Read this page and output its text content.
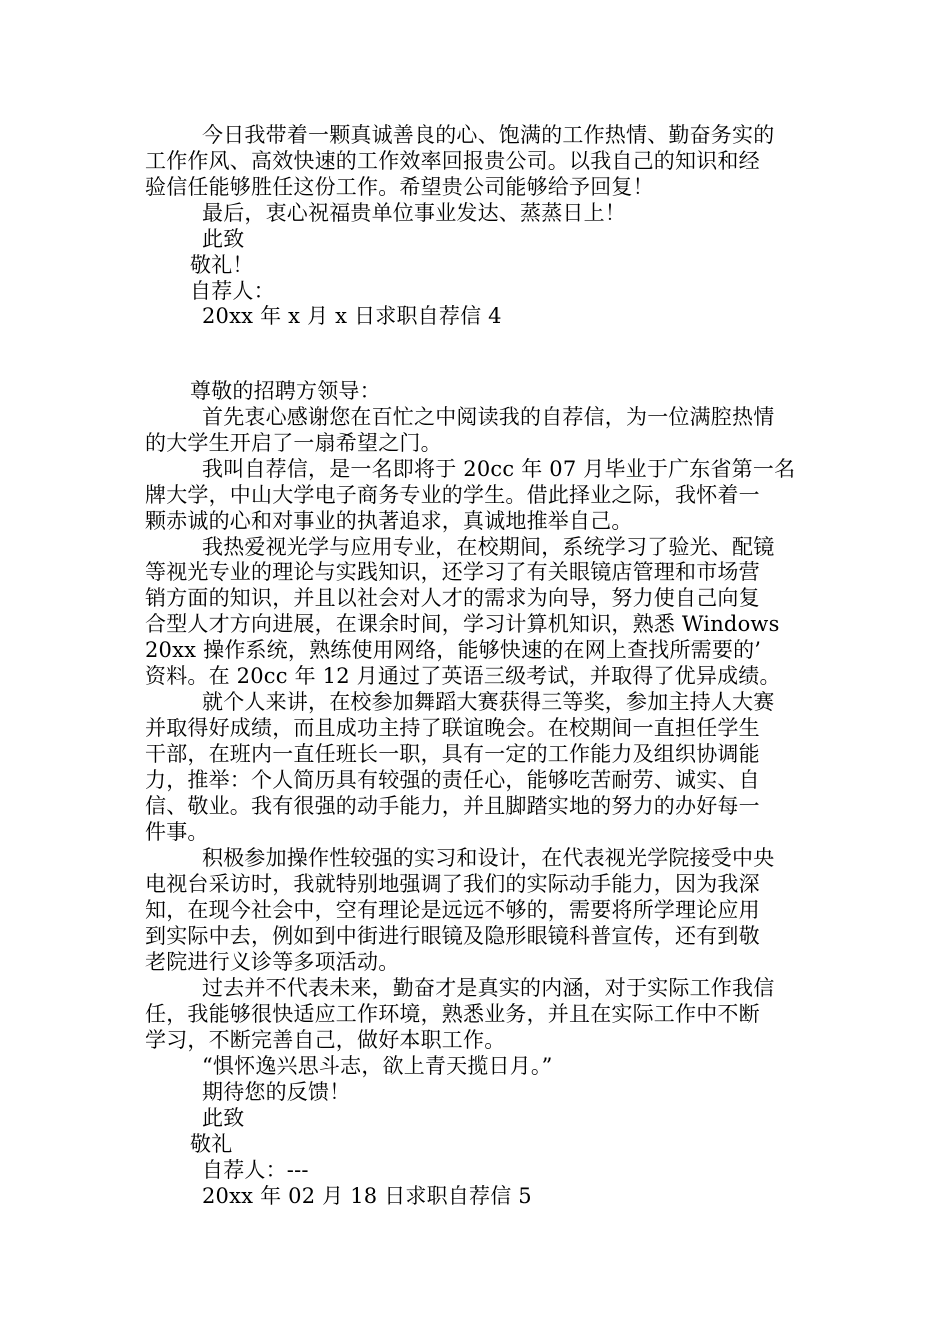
今日我带着一颗真诚善良的心、饱满的工作热情、勤奋务实的
工作作风、高效快速的工作效率回报贵公司。以我自己的知识和经
验信任能够胜任这份工作。希望贵公司能够给予回复！
最后，衷心祝福贵单位事业发达、蒸蒸日上！
此致
敬礼！
自荐人：
20xx 年 x 月 x 日求职自荐信 4
尊敬的招聘方领导：
首先衷心感谢您在百忙之中阅读我的自荐信，为一位满腔热情
的大学生开启了一扇希望之门。
我叫自荐信，是一名即将于 20cc 年 07 月毕业于广东省第一名
牌大学，中山大学电子商务专业的学生。借此择业之际，我怀着一
颗赤诚的心和对事业的执著追求，真诚地推举自己。
我热爱视光学与应用专业，在校期间，系统学习了验光、配镜
等视光专业的理论与实践知识，还学习了有关眼镜店管理和市场营
销方面的知识，并且以社会对人才的需求为向导，努力使自己向复
合型人才方向进展，在课余时间，学习计算机知识，熟悉 Windows
20xx 操作系统，熟练使用网络，能够快速的在网上查找所需要的’
资料。在 20cc 年 12 月通过了英语三级考试，并取得了优异成绩。
就个人来讲，在校参加舞蹈大赛获得三等奖，参加主持人大赛
并取得好成绩，而且成功主持了联谊晚会。在校期间一直担任学生
干部，在班内一直任班长一职，具有一定的工作能力及组织协调能
力，推举：个人简历具有较强的责任心，能够吃苦耐劳、诚实、自
信、敬业。我有很强的动手能力，并且脚踏实地的努力的办好每一
件事。
积极参加操作性较强的实习和设计，在代表视光学院接受中央
电视台采访时，我就特别地强调了我们的实际动手能力，因为我深
知，在现今社会中，空有理论是远远不够的，需要将所学理论应用
到实际中去，例如到中街进行眼镜及隐形眼镜科普宣传，还有到敬
老院进行义诊等多项活动。
过去并不代表未来，勤奋才是真实的内涵，对于实际工作我信
任，我能够很快适应工作环境，熟悉业务，并且在实际工作中不断
学习，不断完善自己，做好本职工作。
“惧怀逸兴思斗志，欲上青天揽日月。”
期待您的反馈！
此致
敬礼
自荐人：---
20xx 年 02 月 18 日求职自荐信 5
